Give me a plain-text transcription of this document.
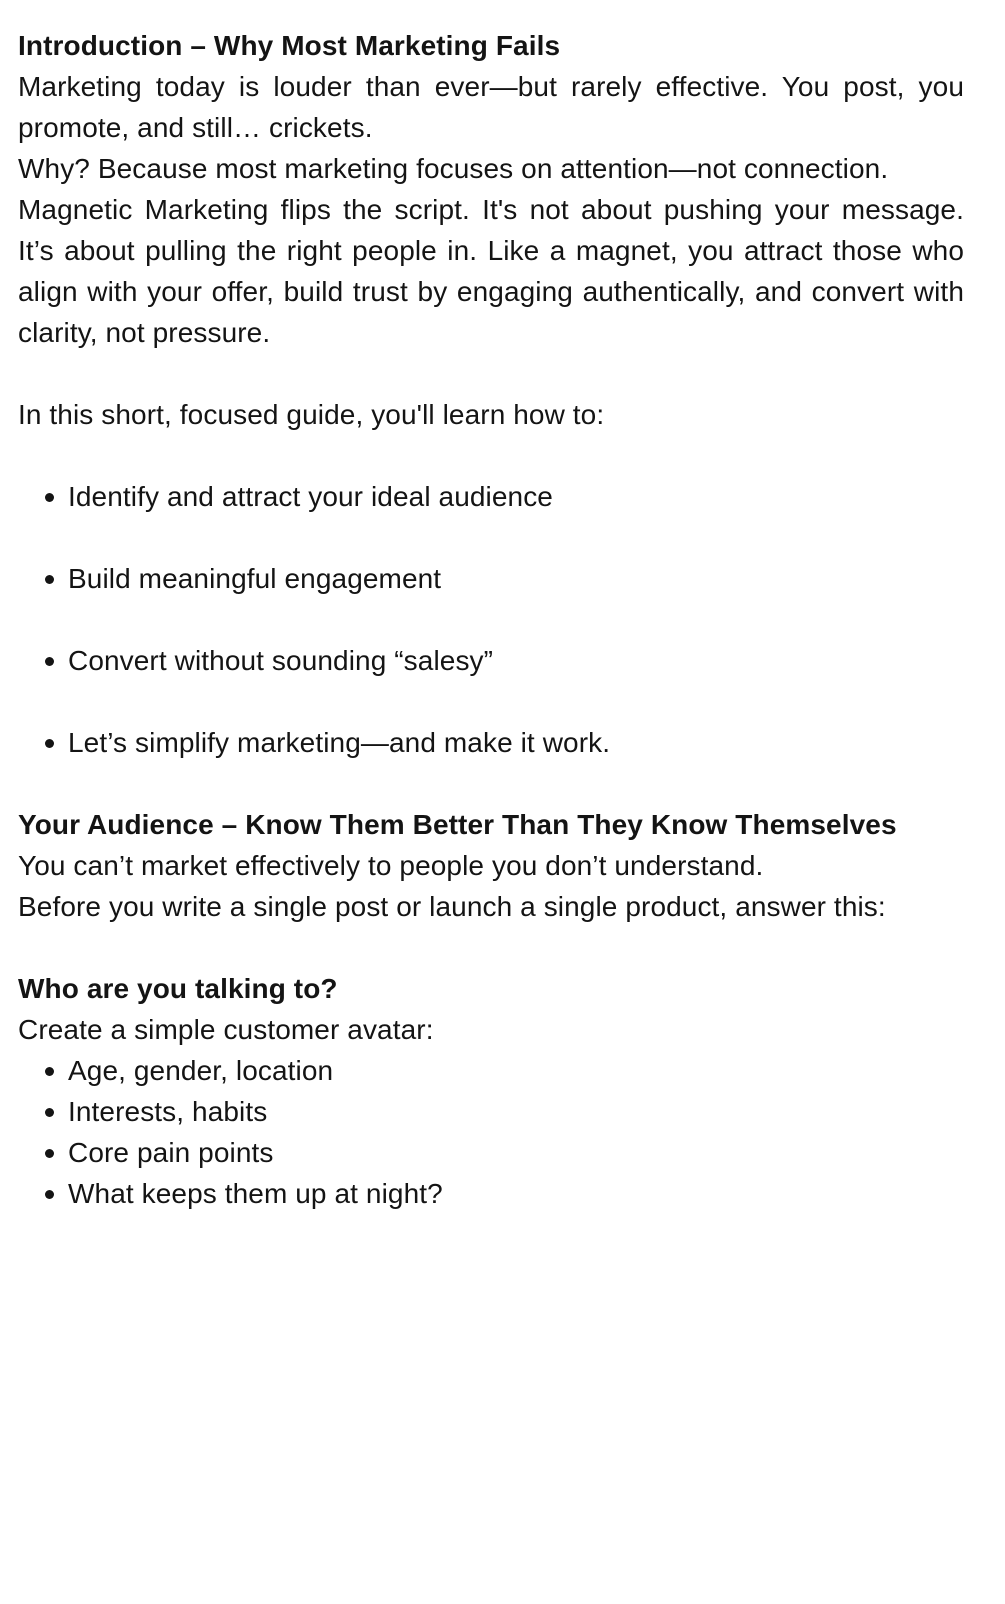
Introduction – Why Most Marketing Fails

Marketing today is louder than ever—but rarely effective. You post, you promote, and still… crickets.

Why? Because most marketing focuses on attention—not connection.

Magnetic Marketing flips the script. It's not about pushing your message. It’s about pulling the right people in. Like a magnet, you attract those who align with your offer, build trust by engaging authentically, and convert with clarity, not pressure.

In this short, focused guide, you'll learn how to:

Identify and attract your ideal audience
Build meaningful engagement
Convert without sounding “salesy”
Let’s simplify marketing—and make it work.

Your Audience – Know Them Better Than They Know Themselves

You can’t market effectively to people you don’t understand.

Before you write a single post or launch a single product, answer this:

Who are you talking to?

Create a simple customer avatar:

Age, gender, location
Interests, habits
Core pain points
What keeps them up at night?
